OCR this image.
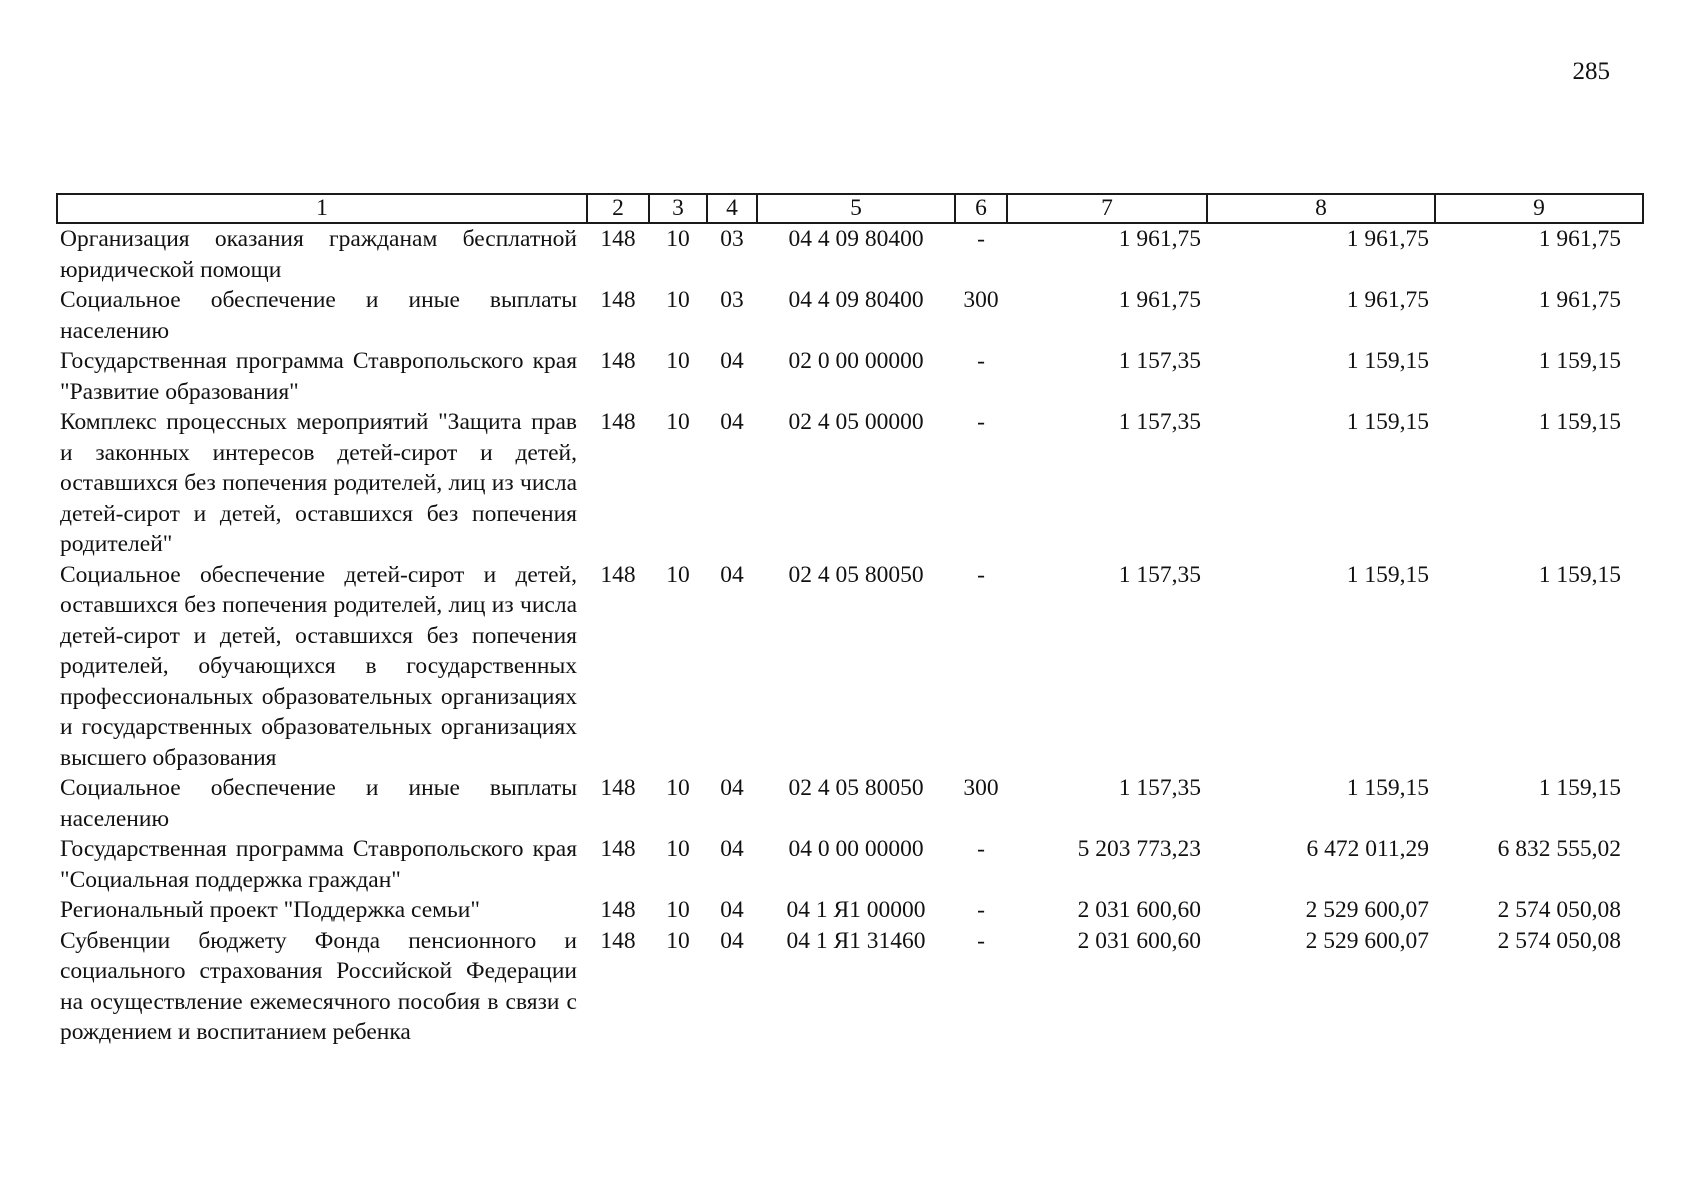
285
1	2	3	4	5	6	7	8	9
Организация оказания гражданам бесплатной юридической помощи	148	10	03	04 4 09 80400	-	1 961,75	1 961,75	1 961,75
Социальное обеспечение и иные выплаты населению	148	10	03	04 4 09 80400	300	1 961,75	1 961,75	1 961,75
Государственная программа Ставропольского края "Развитие образования"	148	10	04	02 0 00 00000	-	1 157,35	1 159,15	1 159,15
Комплекс процессных мероприятий "Защита прав и законных интересов детей-сирот и детей, оставшихся без попечения родителей, лиц из числа детей-сирот и детей, оставшихся без попечения родителей"	148	10	04	02 4 05 00000	-	1 157,35	1 159,15	1 159,15
Социальное обеспечение детей-сирот и детей, оставшихся без попечения родителей, лиц из числа детей-сирот и детей, оставшихся без попечения родителей, обучающихся в государственных профессиональных образовательных организациях и государственных образовательных организациях высшего образования	148	10	04	02 4 05 80050	-	1 157,35	1 159,15	1 159,15
Социальное обеспечение и иные выплаты населению	148	10	04	02 4 05 80050	300	1 157,35	1 159,15	1 159,15
Государственная программа Ставропольского края "Социальная поддержка граждан"	148	10	04	04 0 00 00000	-	5 203 773,23	6 472 011,29	6 832 555,02
Региональный проект "Поддержка семьи"	148	10	04	04 1 Я1 00000	-	2 031 600,60	2 529 600,07	2 574 050,08
Субвенции бюджету Фонда пенсионного и социального страхования Российской Федерации на осуществление ежемесячного пособия в связи с рождением и воспитанием ребенка	148	10	04	04 1 Я1 31460	-	2 031 600,60	2 529 600,07	2 574 050,08
